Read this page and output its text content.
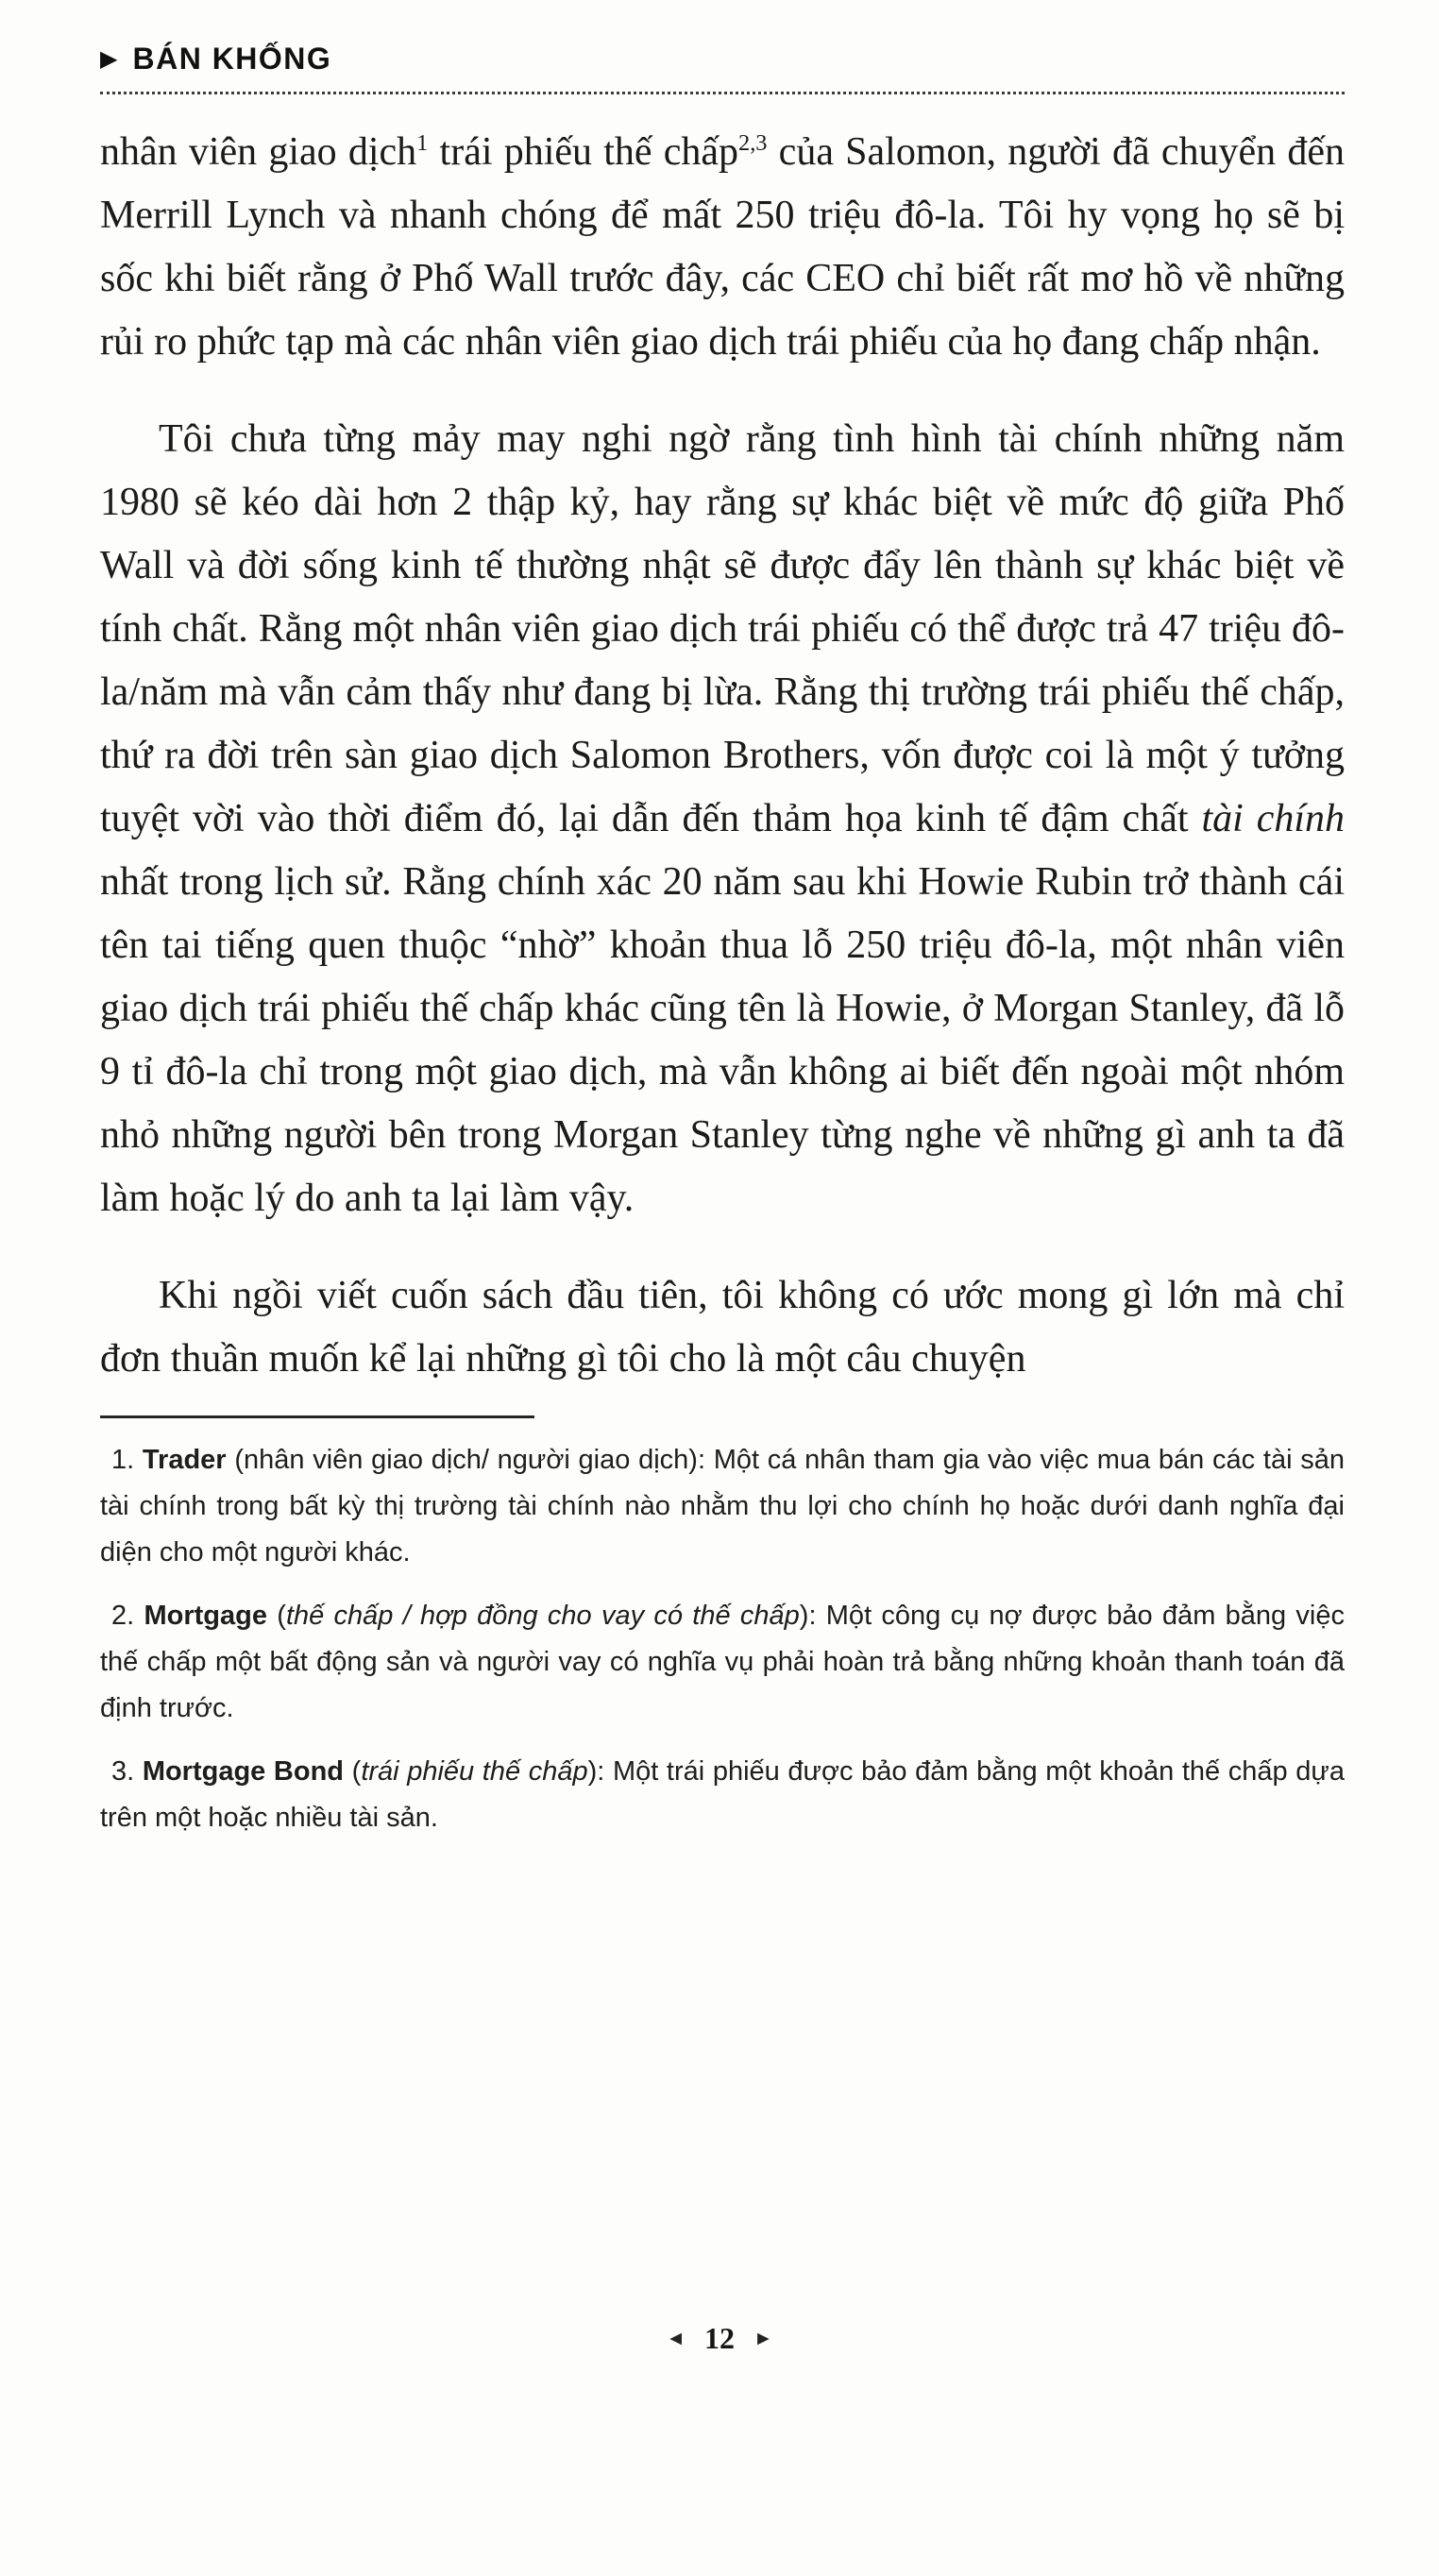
▶ BÁN KHỐNG

nhân viên giao dịch$^1$ trái phiếu thế chấp$^{2,3}$ của Salomon, người đã chuyển đến Merrill Lynch và nhanh chóng để mất 250 triệu đô-la. Tôi hy vọng họ sẽ bị sốc khi biết rằng ở Phố Wall trước đây, các CEO chỉ biết rất mơ hồ về những rủi ro phức tạp mà các nhân viên giao dịch trái phiếu của họ đang chấp nhận.

Tôi chưa từng mảy may nghi ngờ rằng tình hình tài chính những năm 1980 sẽ kéo dài hơn 2 thập kỷ, hay rằng sự khác biệt về mức độ giữa Phố Wall và đời sống kinh tế thường nhật sẽ được đẩy lên thành sự khác biệt về tính chất. Rằng một nhân viên giao dịch trái phiếu có thể được trả 47 triệu đô-la/năm mà vẫn cảm thấy như đang bị lừa. Rằng thị trường trái phiếu thế chấp, thứ ra đời trên sàn giao dịch Salomon Brothers, vốn được coi là một ý tưởng tuyệt vời vào thời điểm đó, lại dẫn đến thảm họa kinh tế đậm chất tài chính nhất trong lịch sử. Rằng chính xác 20 năm sau khi Howie Rubin trở thành cái tên tai tiếng quen thuộc “nhờ” khoản thua lỗ 250 triệu đô-la, một nhân viên giao dịch trái phiếu thế chấp khác cũng tên là Howie, ở Morgan Stanley, đã lỗ 9 tỉ đô-la chỉ trong một giao dịch, mà vẫn không ai biết đến ngoài một nhóm nhỏ những người bên trong Morgan Stanley từng nghe về những gì anh ta đã làm hoặc lý do anh ta lại làm vậy.

Khi ngồi viết cuốn sách đầu tiên, tôi không có ước mong gì lớn mà chỉ đơn thuần muốn kể lại những gì tôi cho là một câu chuyện

1. Trader (nhân viên giao dịch/ người giao dịch): Một cá nhân tham gia vào việc mua bán các tài sản tài chính trong bất kỳ thị trường tài chính nào nhằm thu lợi cho chính họ hoặc dưới danh nghĩa đại diện cho một người khác.

2. Mortgage (thế chấp / hợp đồng cho vay có thế chấp): Một công cụ nợ được bảo đảm bằng việc thế chấp một bất động sản và người vay có nghĩa vụ phải hoàn trả bằng những khoản thanh toán đã định trước.

3. Mortgage Bond (trái phiếu thế chấp): Một trái phiếu được bảo đảm bằng một khoản thế chấp dựa trên một hoặc nhiều tài sản.

◄ 12 ►
